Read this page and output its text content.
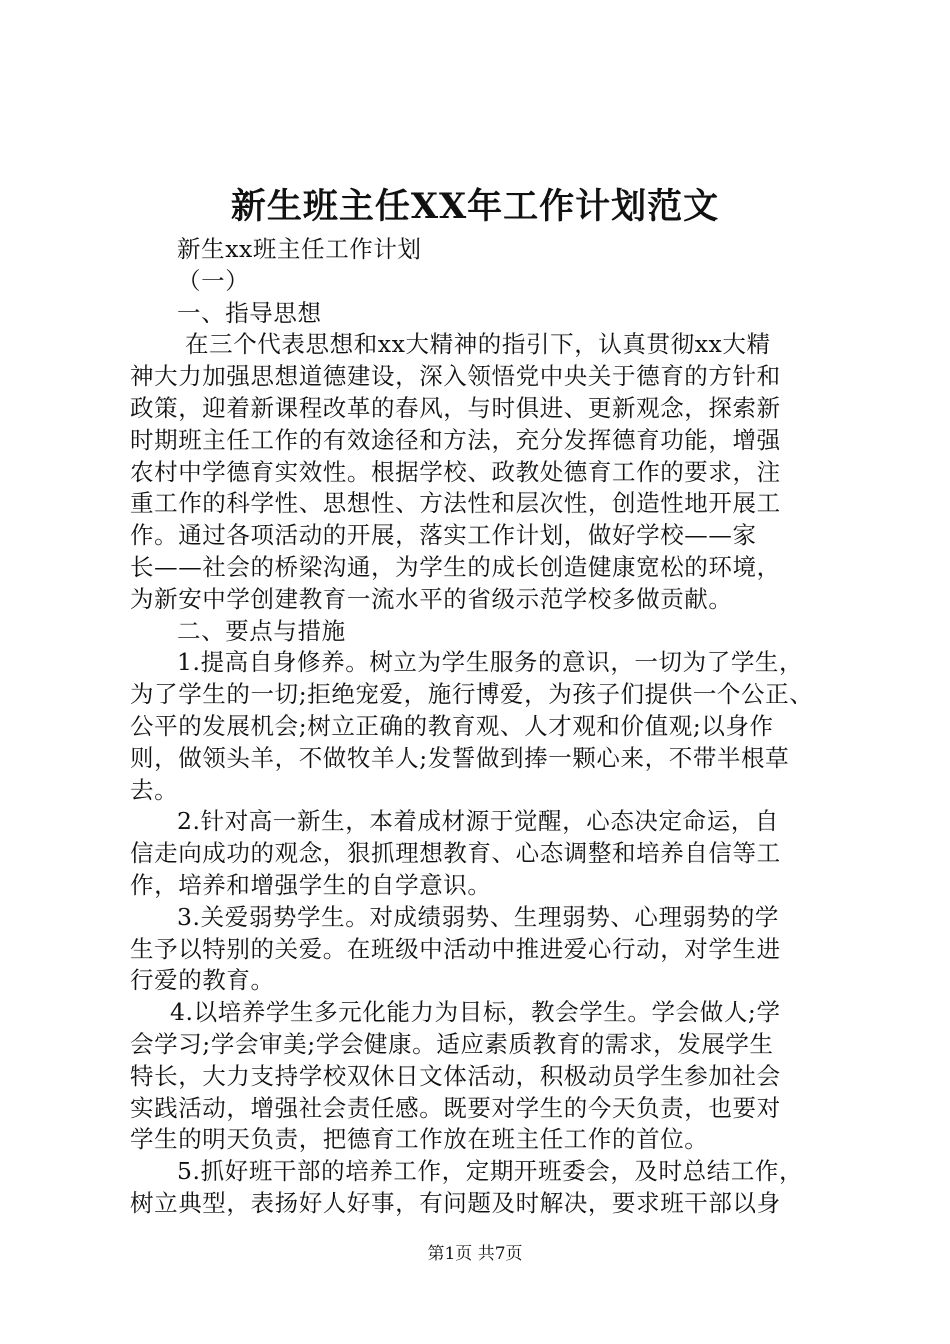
新生班主任XX年工作计划范文
新生xx班主任工作计划
（一）
一、指导思想
在三个代表思想和xx大精神的指引下，认真贯彻xx大精
神大力加强思想道德建设，深入领悟党中央关于德育的方针和
政策，迎着新课程改革的春风，与时俱进、更新观念，探索新
时期班主任工作的有效途径和方法，充分发挥德育功能，增强
农村中学德育实效性。根据学校、政教处德育工作的要求，注
重工作的科学性、思想性、方法性和层次性，创造性地开展工
作。通过各项活动的开展，落实工作计划，做好学校——家
长——社会的桥梁沟通，为学生的成长创造健康宽松的环境，
为新安中学创建教育一流水平的省级示范学校多做贡献。
二、要点与措施
1.提高自身修养。树立为学生服务的意识，一切为了学生，
为了学生的一切;拒绝宠爱，施行博爱，为孩子们提供一个公正、
公平的发展机会;树立正确的教育观、人才观和价值观;以身作
则，做领头羊，不做牧羊人;发誓做到捧一颗心来，不带半根草
去。
2.针对高一新生，本着成材源于觉醒，心态决定命运，自
信走向成功的观念，狠抓理想教育、心态调整和培养自信等工
作，培养和增强学生的自学意识。
3.关爱弱势学生。对成绩弱势、生理弱势、心理弱势的学
生予以特别的关爱。在班级中活动中推进爱心行动，对学生进
行爱的教育。
4.以培养学生多元化能力为目标，教会学生。学会做人;学
会学习;学会审美;学会健康。适应素质教育的需求，发展学生
特长，大力支持学校双休日文体活动，积极动员学生参加社会
实践活动，增强社会责任感。既要对学生的今天负责，也要对
学生的明天负责，把德育工作放在班主任工作的首位。
5.抓好班干部的培养工作，定期开班委会，及时总结工作，
树立典型，表扬好人好事，有问题及时解决，要求班干部以身
第1页 共7页
